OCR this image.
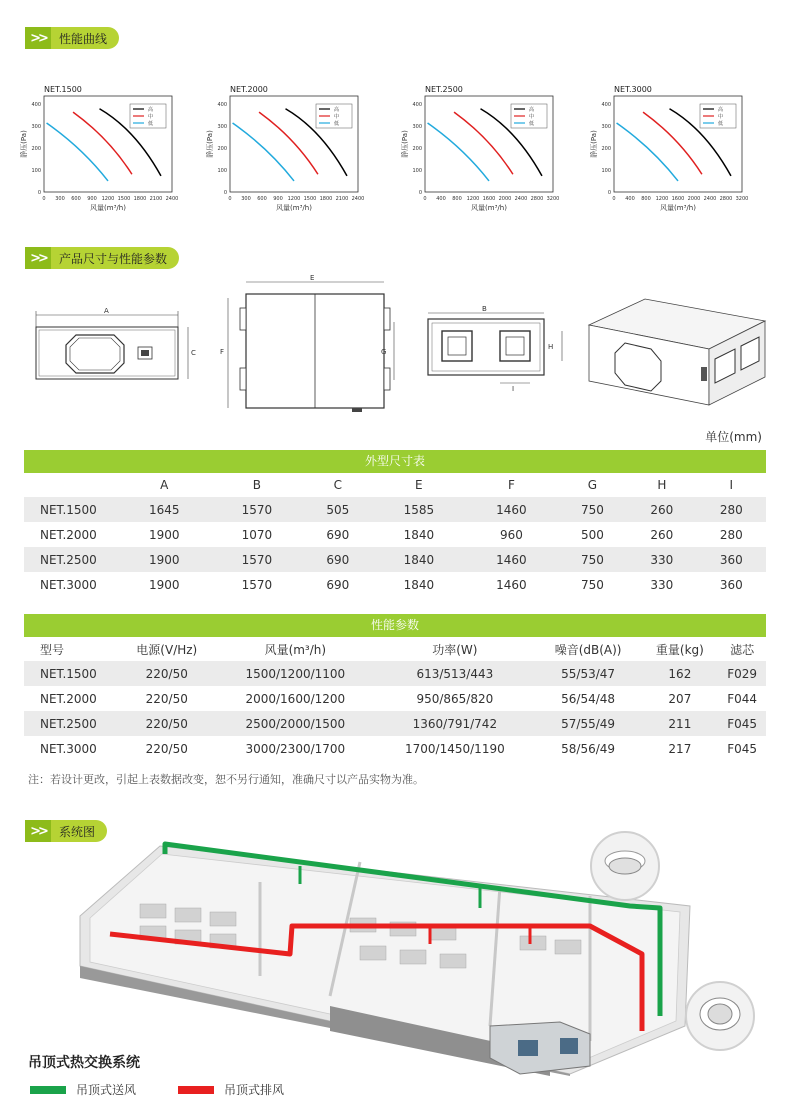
>>	性能曲线
NET.1500
0
100
200
300
400
0 300 600 900 1200 1500 1800 2100 2400
静压(Pa)
风量(m³/h)
高
中
低
NET.2000
0
100
200
300
400
0 300 600 900 1200 1500 1800 2100 2400
静压(Pa)
风量(m³/h)
高
中
低
NET.2500
0
100
200
300
400
0 400 800 1200 1600 2000 2400 2800 3200
静压(Pa)
风量(m³/h)
高
中
低
NET.3000
0
100
200
300
400
0 400 800 1200 1600 2000 2400 2800 3200
静压(Pa)
风量(m³/h)
高
中
低
>>	产品尺寸与性能参数
A
C
E
F	G
B
H
I
单位(mm)
外型尺寸表
	A	B	C	E	F	G	H	I
NET.1500	1645	1570	505	1585	1460	750	260	280
NET.2000	1900	1070	690	1840	960	500	260	280
NET.2500	1900	1570	690	1840	1460	750	330	360
NET.3000	1900	1570	690	1840	1460	750	330	360
性能参数
型号	电源(V/Hz)	风量(m³/h)	功率(W)	噪音(dB(A))	重量(kg)	滤芯
NET.1500	220/50	1500/1200/1100	613/513/443	55/53/47	162	F029
NET.2000	220/50	2000/1600/1200	950/865/820	56/54/48	207	F044
NET.2500	220/50	2500/2000/1500	1360/791/742	57/55/49	211	F045
NET.3000	220/50	3000/2300/1700	1700/1450/1190	58/56/49	217	F045
注：若设计更改，引起上表数据改变，恕不另行通知，准确尺寸以产品实物为准。
>>	系统图
吊顶式热交换系统
吊顶式送风	吊顶式排风
